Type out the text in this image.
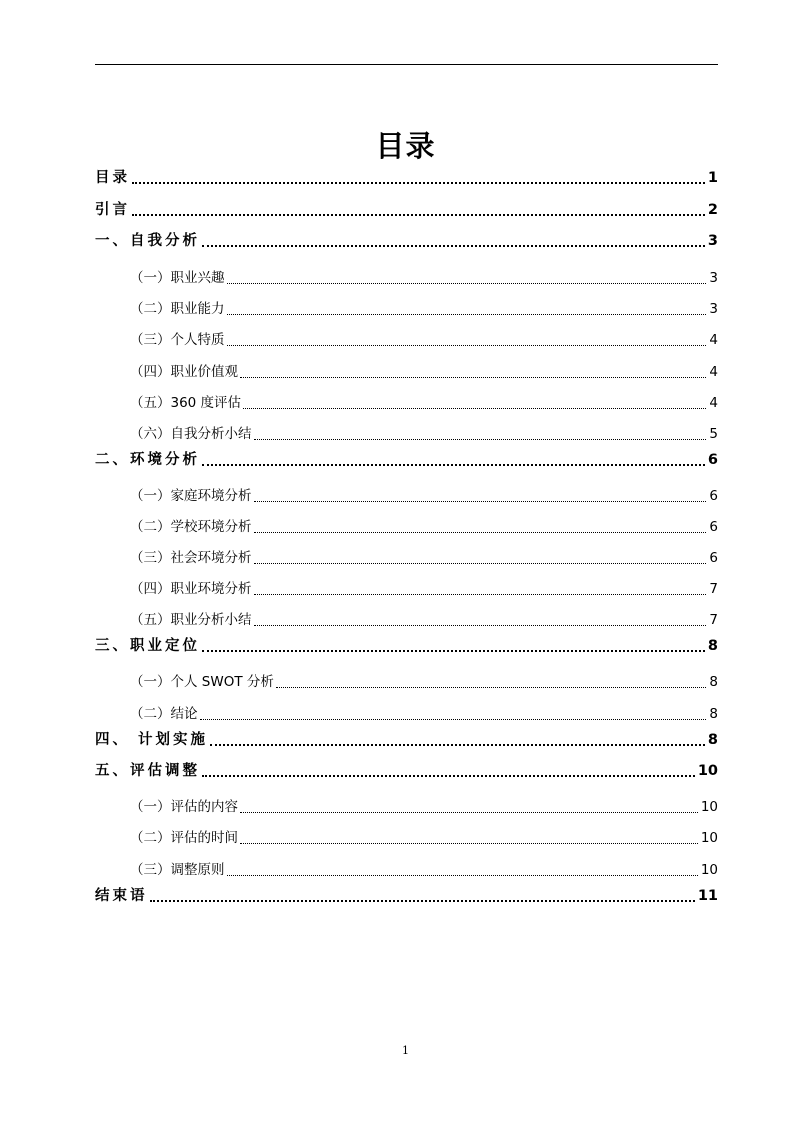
目录
目录	1
引言	2
一、自我分析	3
（一）职业兴趣	3
（二）职业能力	3
（三）个人特质	4
（四）职业价值观	4
（五）360 度评估	4
（六）自我分析小结	5
二、环境分析	6
（一）家庭环境分析	6
（二）学校环境分析	6
（三）社会环境分析	6
（四）职业环境分析	7
（五）职业分析小结	7
三、职业定位	8
（一）个人 SWOT 分析	8
（二）结论	8
四、 计划实施	8
五、评估调整	10
（一）评估的内容	10
（二）评估的时间	10
（三）调整原则	10
结束语	11
1
